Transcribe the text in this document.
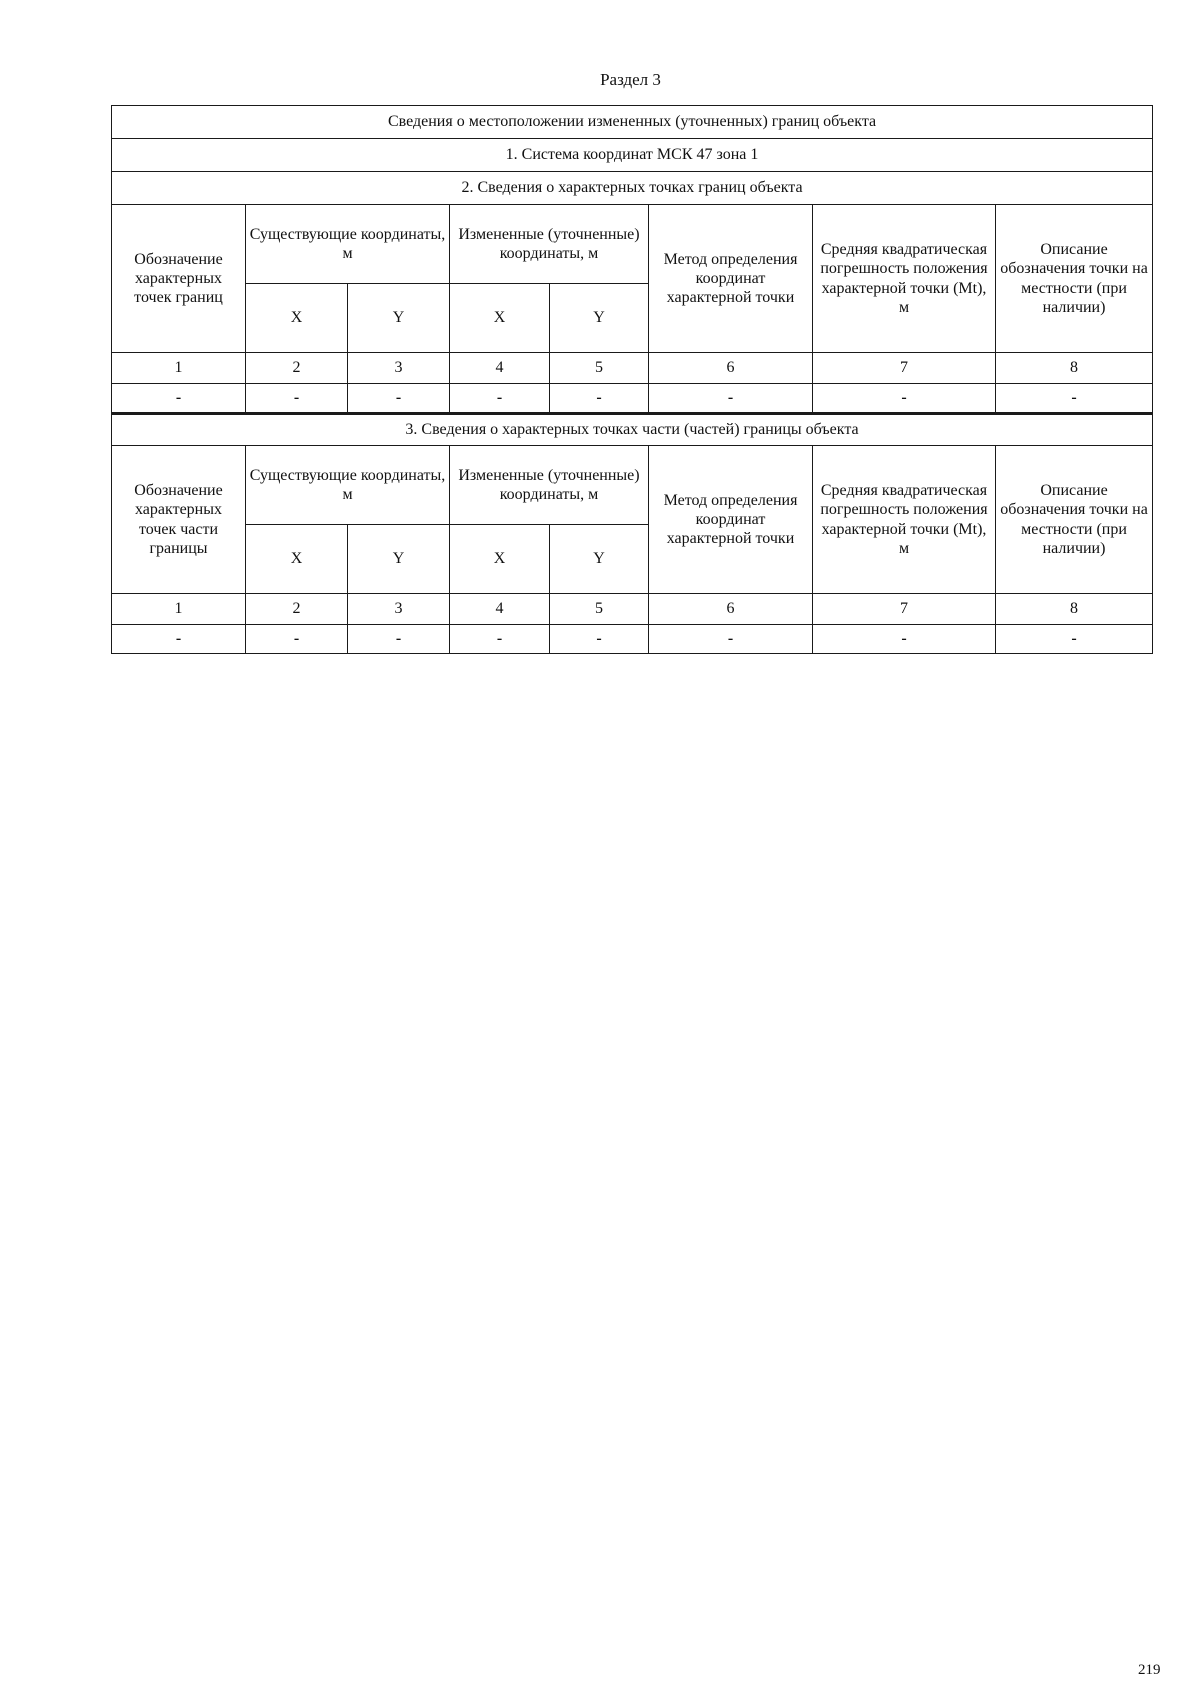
Раздел 3
Сведения о местоположении измененных (уточненных) границ объекта							
1. Система координат МСК 47 зона 1							
2. Сведения о характерных точках границ объекта							
Обозначение характерных точек границ	Существующие координаты, м		Измененные (уточненные) координаты, м		Метод определения координат характерной точки	Средняя квадратическая погрешность положения характерной точки (Mt), м	Описание обозначения точки на местности (при наличии)
	X	Y	X	Y			
1	2	3	4	5	6	7	8
-	-	-	-	-	-	-	-
3. Сведения о характерных точках части (частей) границы объекта							
Обозначение характерных точек части границы	Существующие координаты, м		Измененные (уточненные) координаты, м		Метод определения координат характерной точки	Средняя квадратическая погрешность положения характерной точки (Mt), м	Описание обозначения точки на местности (при наличии)
	X	Y	X	Y			
1	2	3	4	5	6	7	8
-	-	-	-	-	-	-	-
219
